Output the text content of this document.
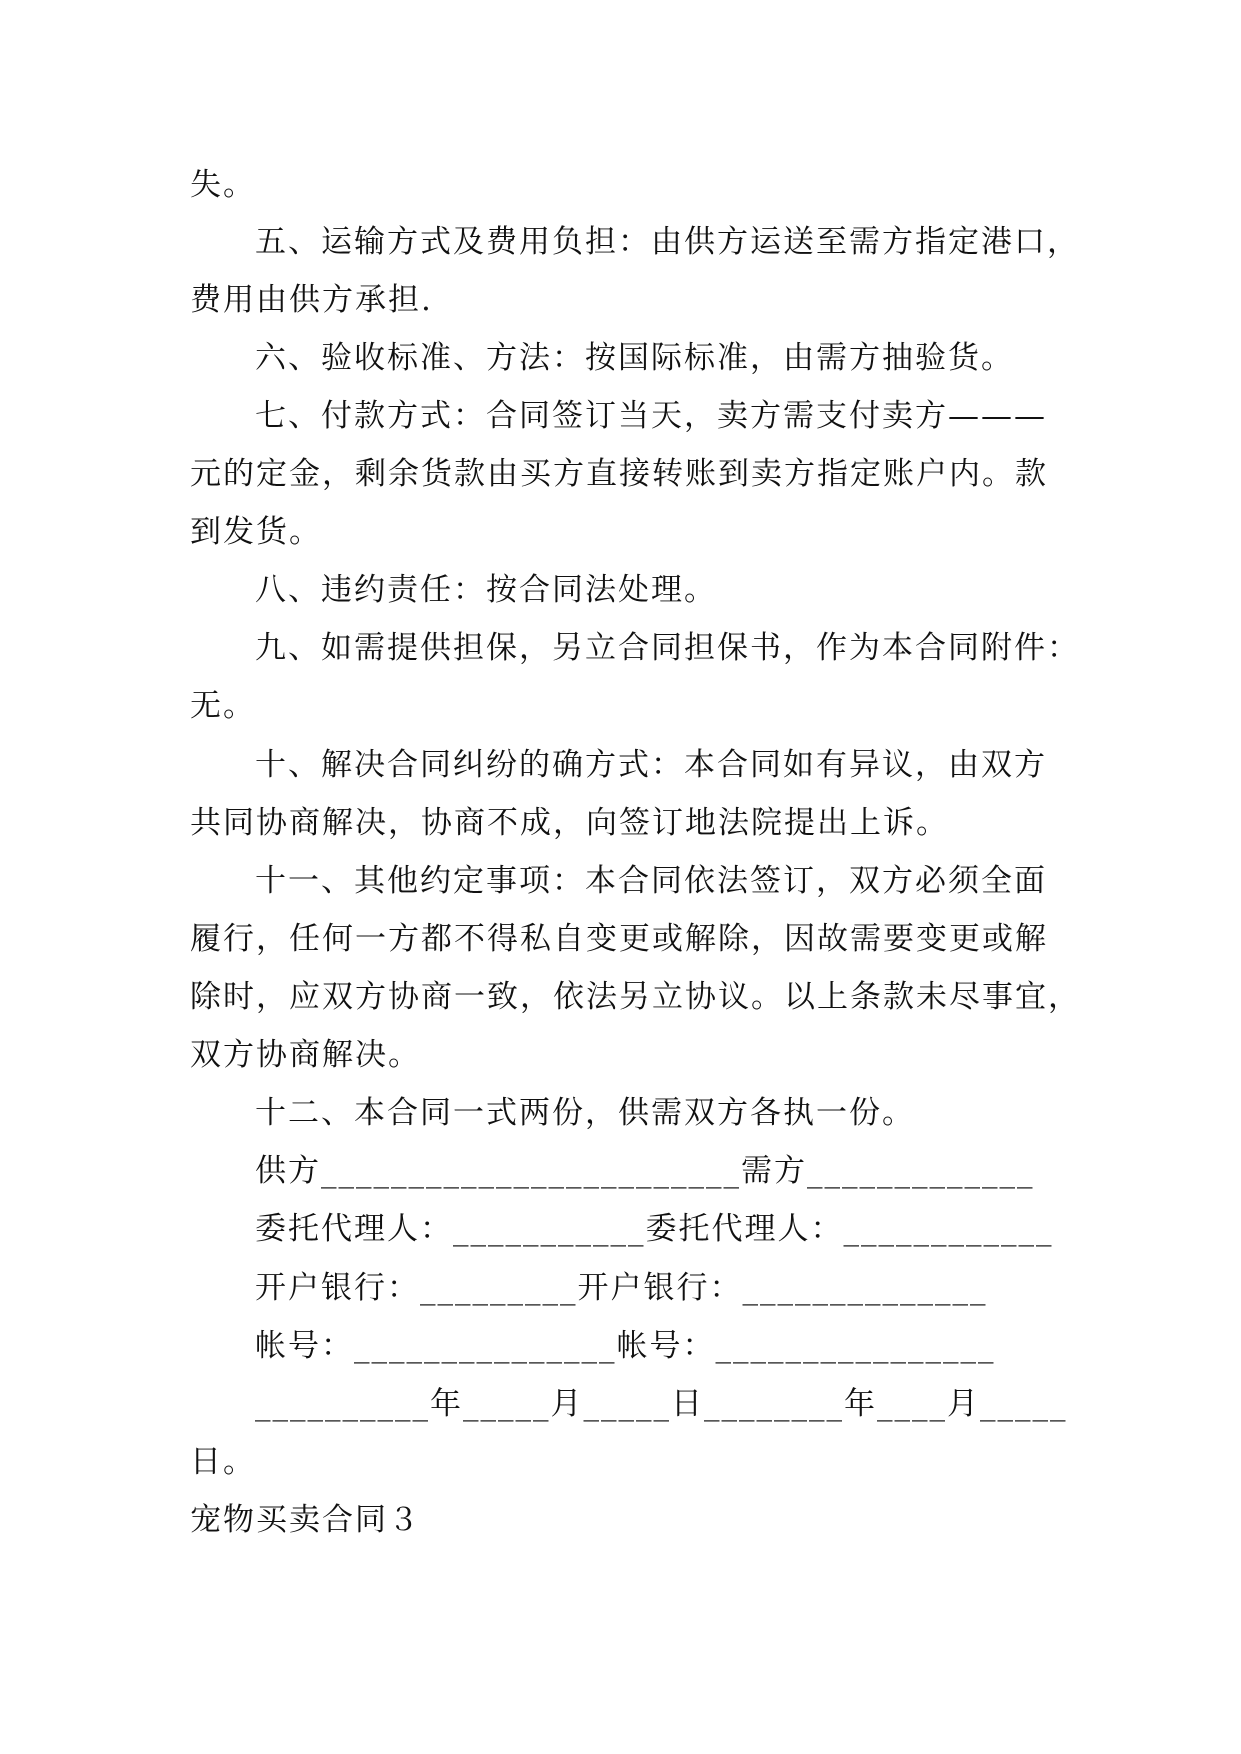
失。
五、运输方式及费用负担：由供方运送至需方指定港口，
费用由供方承担.
六、验收标准、方法：按国际标准，由需方抽验货。
七、付款方式：合同签订当天，卖方需支付卖方———
元的定金，剩余货款由买方直接转账到卖方指定账户内。款
到发货。
八、违约责任：按合同法处理。
九、如需提供担保，另立合同担保书，作为本合同附件：
无。
十、解决合同纠纷的确方式：本合同如有异议，由双方
共同协商解决，协商不成，向签订地法院提出上诉。
十一、其他约定事项：本合同依法签订，双方必须全面
履行，任何一方都不得私自变更或解除，因故需要变更或解
除时，应双方协商一致，依法另立协议。以上条款未尽事宜，
双方协商解决。
十二、本合同一式两份，供需双方各执一份。
供方________________________需方_____________
委托代理人：___________委托代理人：____________
开户银行：_________开户银行：______________
帐号：_______________帐号：________________
__________年_____月_____日________年____月_____
日。
宠物买卖合同３
